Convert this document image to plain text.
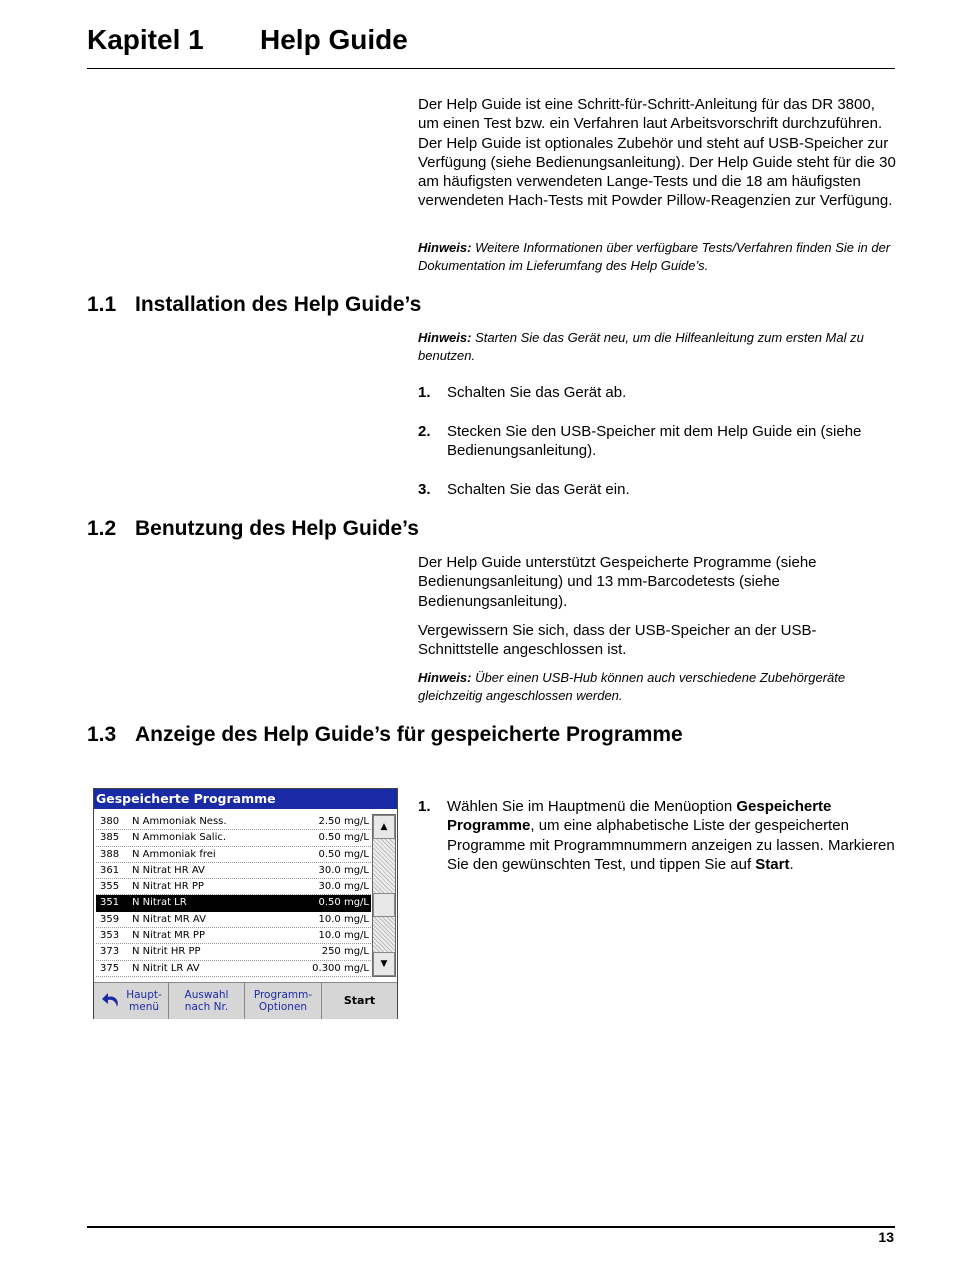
Kapitel 1 Help Guide
Der Help Guide ist eine Schritt-für-Schritt-Anleitung für das DR 3800, um einen Test bzw. ein Verfahren laut Arbeitsvorschrift durchzuführen. Der Help Guide ist optionales Zubehör und steht auf USB-Speicher zur Verfügung (siehe Bedienungsanleitung). Der Help Guide steht für die 30 am häufigsten verwendeten Lange-Tests und die 18 am häufigsten verwendeten Hach-Tests mit Powder Pillow-Reagenzien zur Verfügung.
Hinweis: Weitere Informationen über verfügbare Tests/Verfahren finden Sie in der Dokumentation im Lieferumfang des Help Guide’s.
1.1 Installation des Help Guide’s
Hinweis: Starten Sie das Gerät neu, um die Hilfeanleitung zum ersten Mal zu benutzen.
1. Schalten Sie das Gerät ab.
2. Stecken Sie den USB-Speicher mit dem Help Guide ein (siehe Bedienungsanleitung).
3. Schalten Sie das Gerät ein.
1.2 Benutzung des Help Guide’s
Der Help Guide unterstützt Gespeicherte Programme (siehe Bedienungsanleitung) und 13 mm-Barcodetests (siehe Bedienungsanleitung).
Vergewissern Sie sich, dass der USB-Speicher an der USB-Schnittstelle angeschlossen ist.
Hinweis: Über einen USB-Hub können auch verschiedene Zubehörgeräte gleichzeitig angeschlossen werden.
1.3 Anzeige des Help Guide’s für gespeicherte Programme
1. Wählen Sie im Hauptmenü die Menüoption Gespeicherte Programme, um eine alphabetische Liste der gespeicherten Programme mit Programmnummern anzeigen zu lassen. Markieren Sie den gewünschten Test, und tippen Sie auf Start.
Gespeicherte Programme
380 N Ammoniak Ness.	2.50 mg/L
385 N Ammoniak Salic.	0.50 mg/L
388 N Ammoniak frei	0.50 mg/L
361 N Nitrat HR AV	30.0 mg/L
355 N Nitrat HR PP	30.0 mg/L
351 N Nitrat LR	0.50 mg/L
359 N Nitrat MR AV	10.0 mg/L
353 N Nitrat MR PP	10.0 mg/L
373 N Nitrit HR PP	250 mg/L
375 N Nitrit LR AV	0.300 mg/L
▲
▼
Haupt-
menü
Auswahl
nach Nr.
Programm-
Optionen	Start
13
